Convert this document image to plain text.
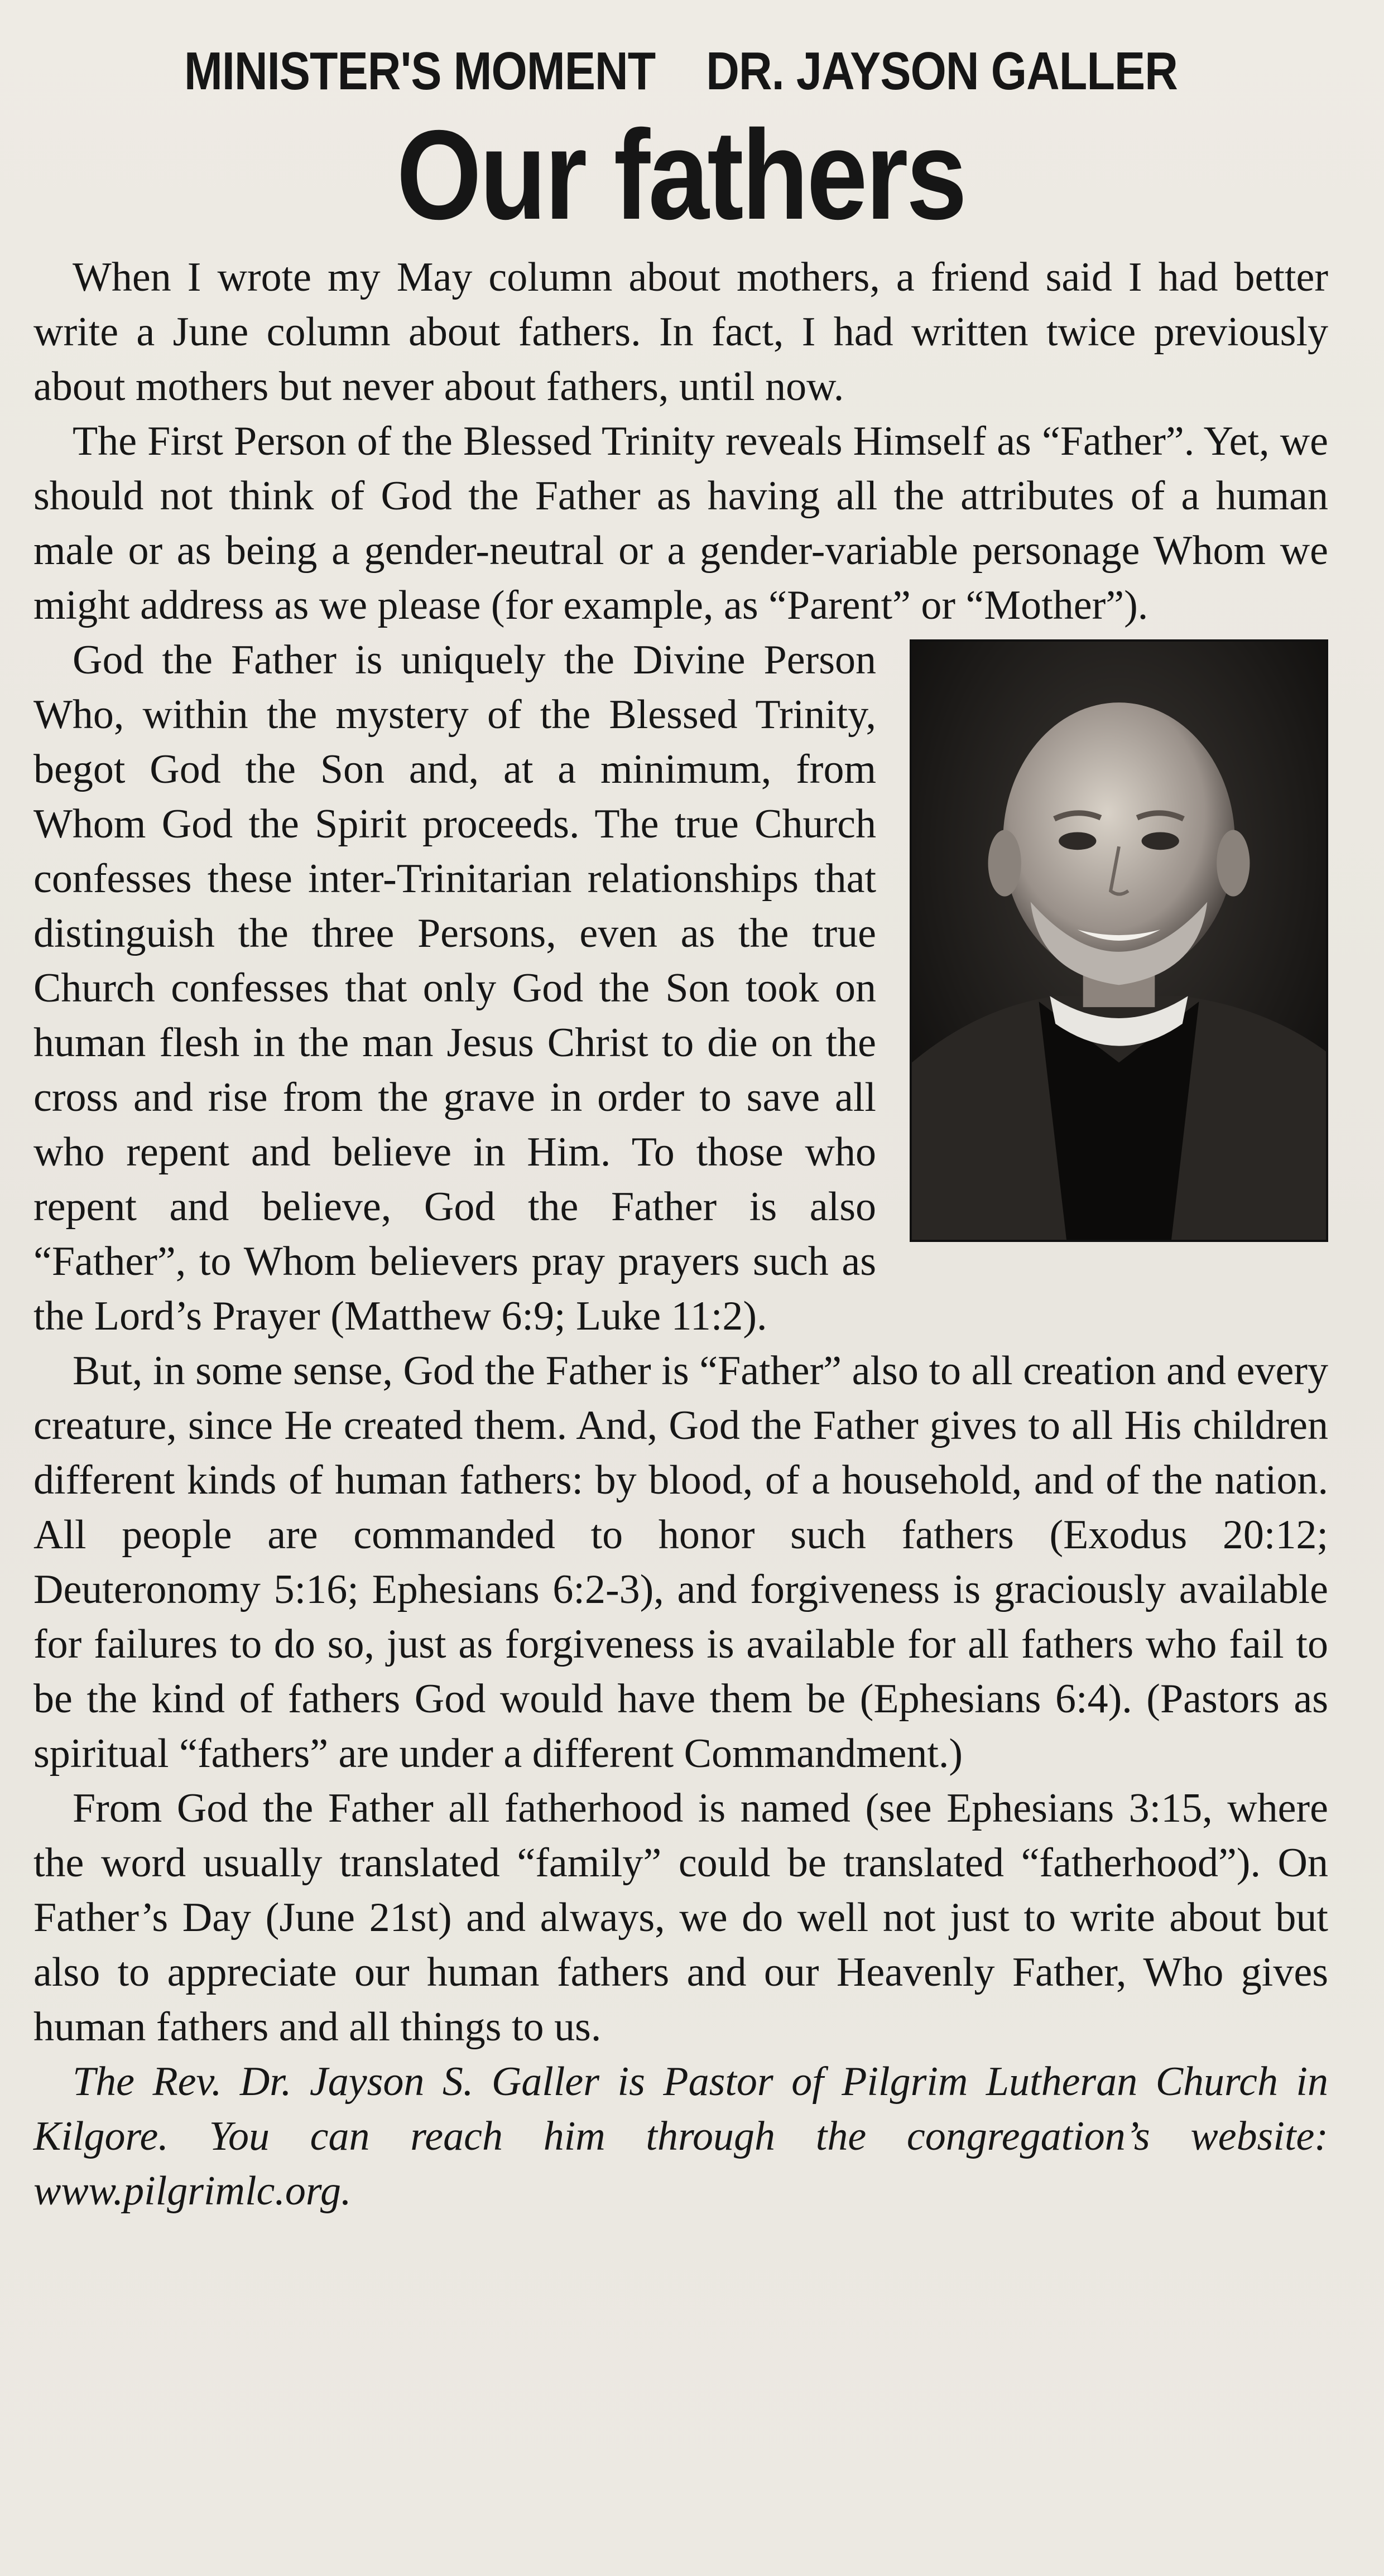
MINISTER'S MOMENT DR. JAYSON GALLER
Our fathers

When I wrote my May column about mothers, a friend said I had better write a June column about fathers. In fact, I had written twice previously about mothers but never about fathers, until now.

The First Person of the Blessed Trinity reveals Himself as “Father”. Yet, we should not think of God the Father as having all the attributes of a human male or as being a gender-neutral or a gender-variable personage Whom we might address as we please (for example, as “Parent” or “Mother”).

God the Father is uniquely the Divine Person Who, within the mystery of the Blessed Trinity, begot God the Son and, at a minimum, from Whom God the Spirit proceeds. The true Church confesses these inter-Trinitarian relationships that distinguish the three Persons, even as the true Church confesses that only God the Son took on human flesh in the man Jesus Christ to die on the cross and rise from the grave in order to save all who repent and believe in Him. To those who repent and believe, God the Father is also “Father”, to Whom believers pray prayers such as the Lord’s Prayer (Matthew 6:9; Luke 11:2).

But, in some sense, God the Father is “Father” also to all creation and every creature, since He created them. And, God the Father gives to all His children different kinds of human fathers: by blood, of a household, and of the nation. All people are commanded to honor such fathers (Exodus 20:12; Deuteronomy 5:16; Ephesians 6:2-3), and forgiveness is graciously available for failures to do so, just as forgiveness is available for all fathers who fail to be the kind of fathers God would have them be (Ephesians 6:4). (Pastors as spiritual “fathers” are under a different Commandment.)

From God the Father all fatherhood is named (see Ephesians 3:15, where the word usually translated “family” could be translated “fatherhood”). On Father’s Day (June 21st) and always, we do well not just to write about but also to appreciate our human fathers and our Heavenly Father, Who gives human fathers and all things to us.

The Rev. Dr. Jayson S. Galler is Pastor of Pilgrim Lutheran Church in Kilgore. You can reach him through the congregation’s website: www.pilgrimlc.org.
